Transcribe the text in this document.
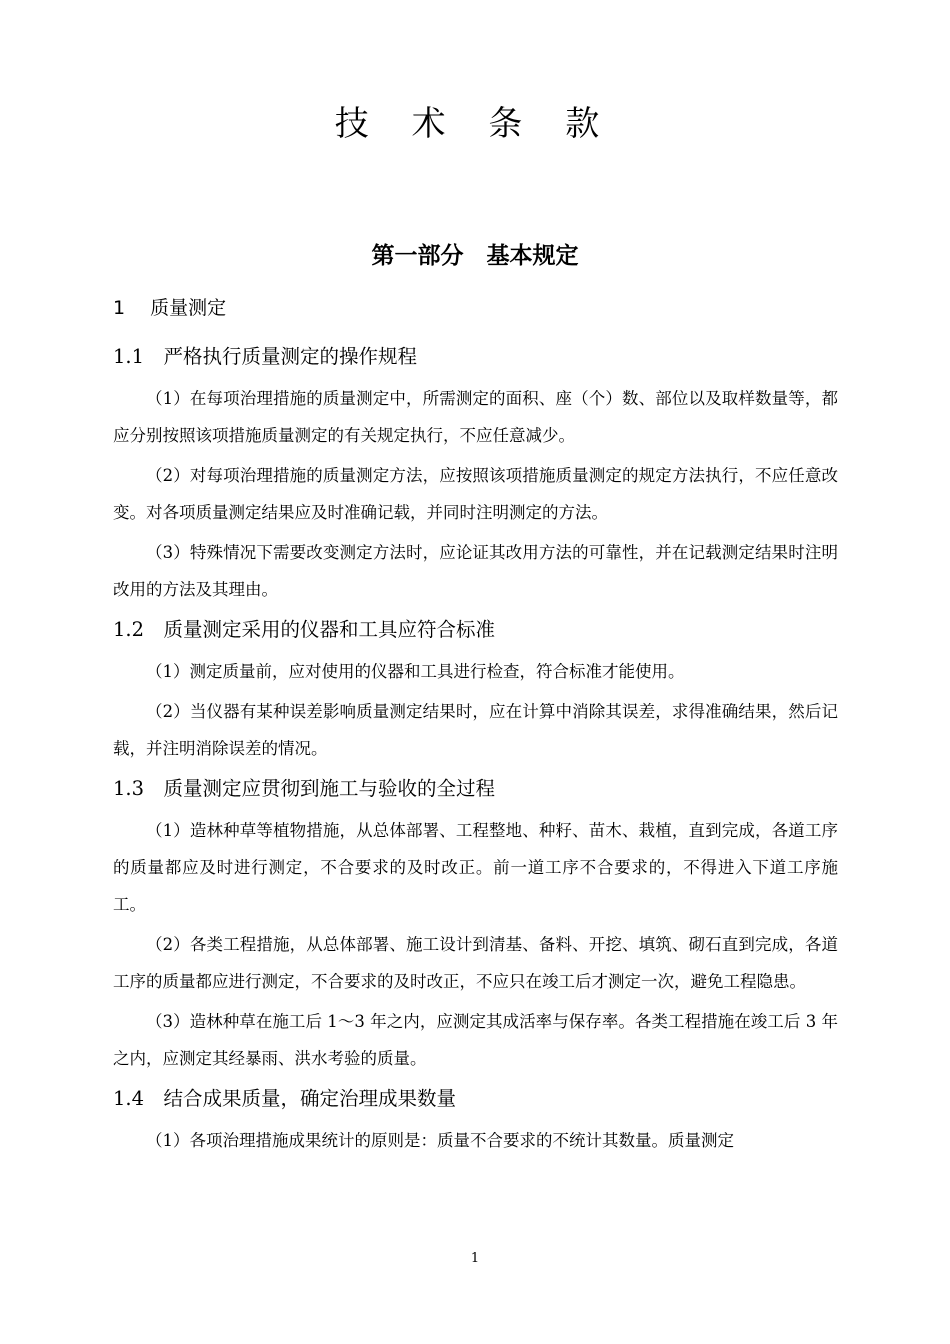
技 术 条 款
第一部分　基本规定
1　 质量测定
1.1　严格执行质量测定的操作规程

（1）在每项治理措施的质量测定中，所需测定的面积、座（个）数、部位以及取样数量等，都应分别按照该项措施质量测定的有关规定执行，不应任意减少。

（2）对每项治理措施的质量测定方法，应按照该项措施质量测定的规定方法执行，不应任意改变。对各项质量测定结果应及时准确记载，并同时注明测定的方法。

（3）特殊情况下需要改变测定方法时，应论证其改用方法的可靠性，并在记载测定结果时注明改用的方法及其理由。

1.2　质量测定采用的仪器和工具应符合标准

（1）测定质量前，应对使用的仪器和工具进行检查，符合标准才能使用。

（2）当仪器有某种误差影响质量测定结果时，应在计算中消除其误差，求得准确结果，然后记载，并注明消除误差的情况。

1.3　质量测定应贯彻到施工与验收的全过程

（1）造林种草等植物措施，从总体部署、工程整地、种籽、苗木、栽植，直到完成，各道工序的质量都应及时进行测定，不合要求的及时改正。前一道工序不合要求的，不得进入下道工序施工。

（2）各类工程措施，从总体部署、施工设计到清基、备料、开挖、填筑、砌石直到完成，各道工序的质量都应进行测定，不合要求的及时改正，不应只在竣工后才测定一次，避免工程隐患。

（3）造林种草在施工后 1～3 年之内，应测定其成活率与保存率。各类工程措施在竣工后 3 年之内，应测定其经暴雨、洪水考验的质量。

1.4　结合成果质量，确定治理成果数量

（1）各项治理措施成果统计的原则是：质量不合要求的不统计其数量。质量测定

1
